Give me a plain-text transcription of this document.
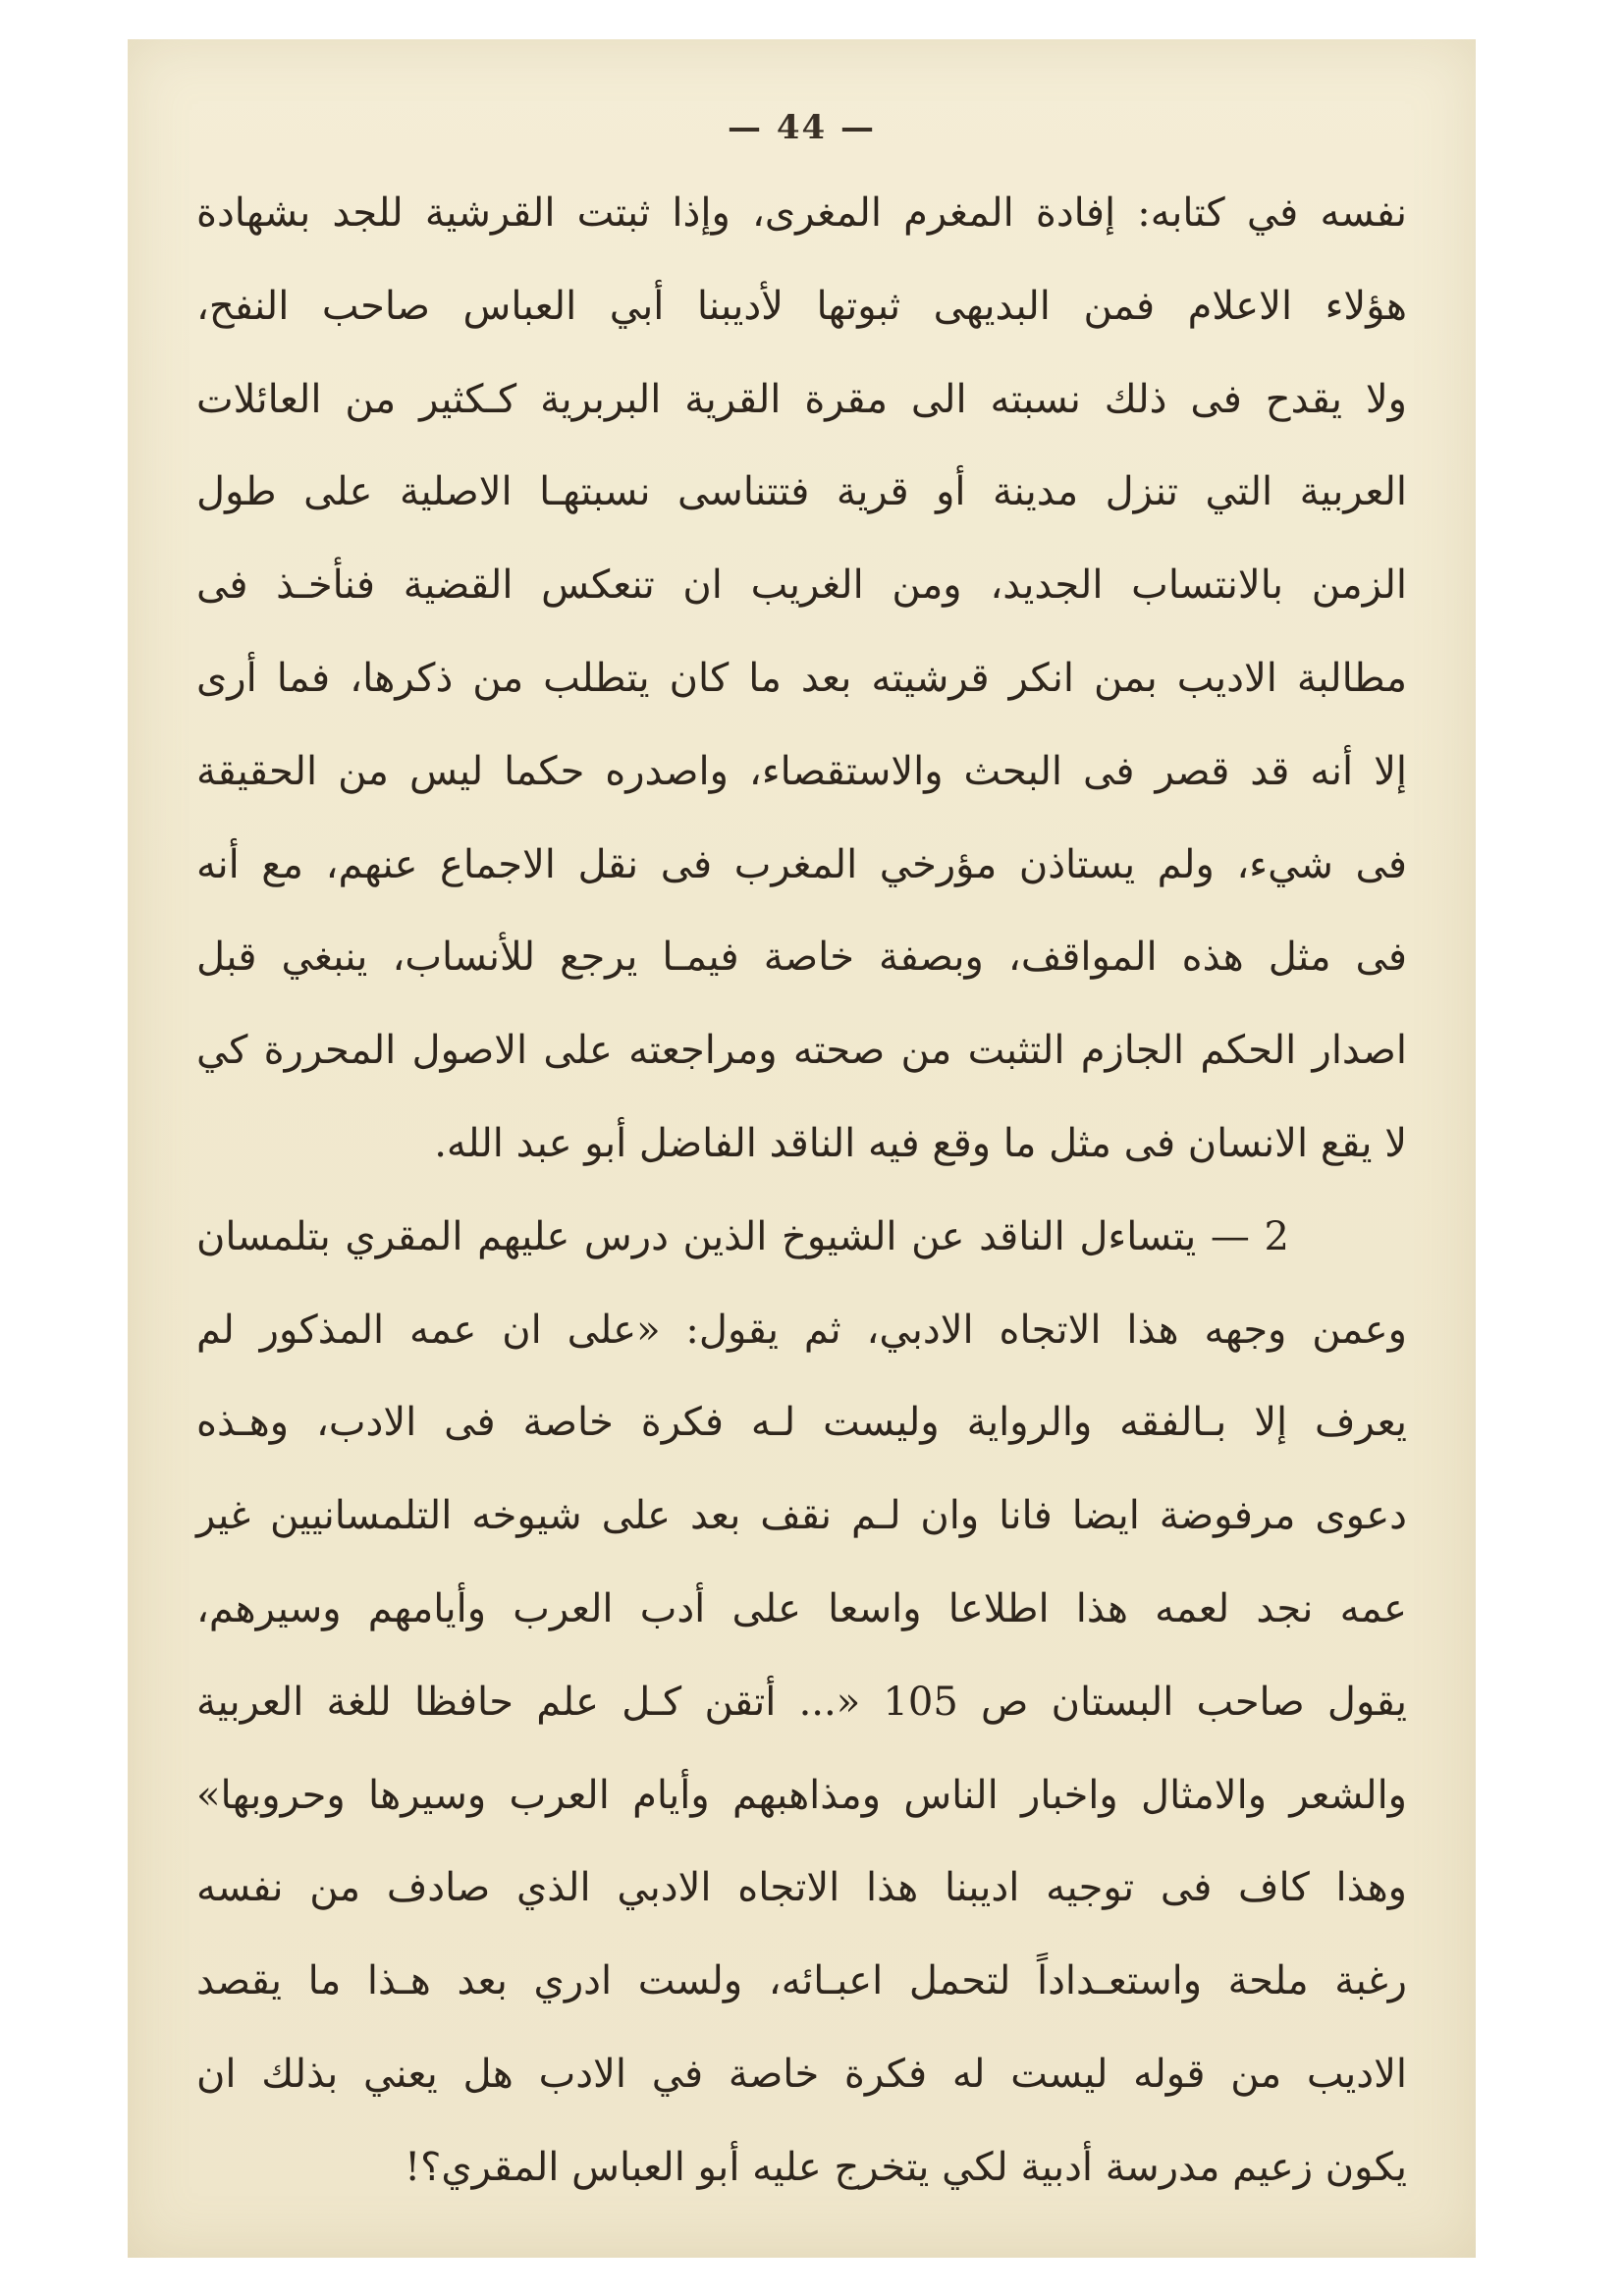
— 44 —
نفسه في كتابه: إفادة المغرم المغرى، وإذا ثبتت القرشية للجد بشهادة
هؤلاء الاعلام فمن البديهى ثبوتها لأديبنا أبي العباس صاحب النفح،
ولا يقدح فى ذلك نسبته الى مقرة القرية البربرية كـكثير من العائلات
العربية التي تنزل مدينة أو قرية فتتناسى نسبتهـا الاصلية على طول
الزمن بالانتساب الجديد، ومن الغريب ان تنعكس القضية فنأخـذ فى
مطالبة الاديب بمن انكر قرشيته بعد ما كان يتطلب من ذكرها، فما أرى
إلا أنه قد قصر فى البحث والاستقصاء، واصدره حكما ليس من الحقيقة
فى شيء، ولم يستاذن مؤرخي المغرب فى نقل الاجماع عنهم، مع أنه
فى مثل هذه المواقف، وبصفة خاصة فيمـا يرجع للأنساب، ينبغي قبل
اصدار الحكم الجازم التثبت من صحته ومراجعته على الاصول المحررة كي
لا يقع الانسان فى مثل ما وقع فيه الناقد الفاضل أبو عبد الله.
2 — يتساءل الناقد عن الشيوخ الذين درس عليهم المقري بتلمسان
وعمن وجهه هذا الاتجاه الادبي، ثم يقول: «على ان عمه المذكور لم
يعرف إلا بـالفقه والرواية وليست لـه فكرة خاصة فى الادب، وهـذه
دعوى مرفوضة ايضا فانا وان لـم نقف بعد على شيوخه التلمسانيين غير
عمه نجد لعمه هذا اطلاعا واسعا على أدب العرب وأيامهم وسيرهم،
يقول صاحب البستان ص 105 «... أتقن كـل علم حافظا للغة العربية
والشعر والامثال واخبار الناس ومذاهبهم وأيام العرب وسيرها وحروبها»
وهذا كاف فى توجيه اديبنا هذا الاتجاه الادبي الذي صادف من نفسه
رغبة ملحة واستعـداداً لتحمل اعبـائه، ولست ادري بعد هـذا ما يقصد
الاديب من قوله ليست له فكرة خاصة في الادب هل يعني بذلك ان
يكون زعيم مدرسة أدبية لكي يتخرج عليه أبو العباس المقري؟!
